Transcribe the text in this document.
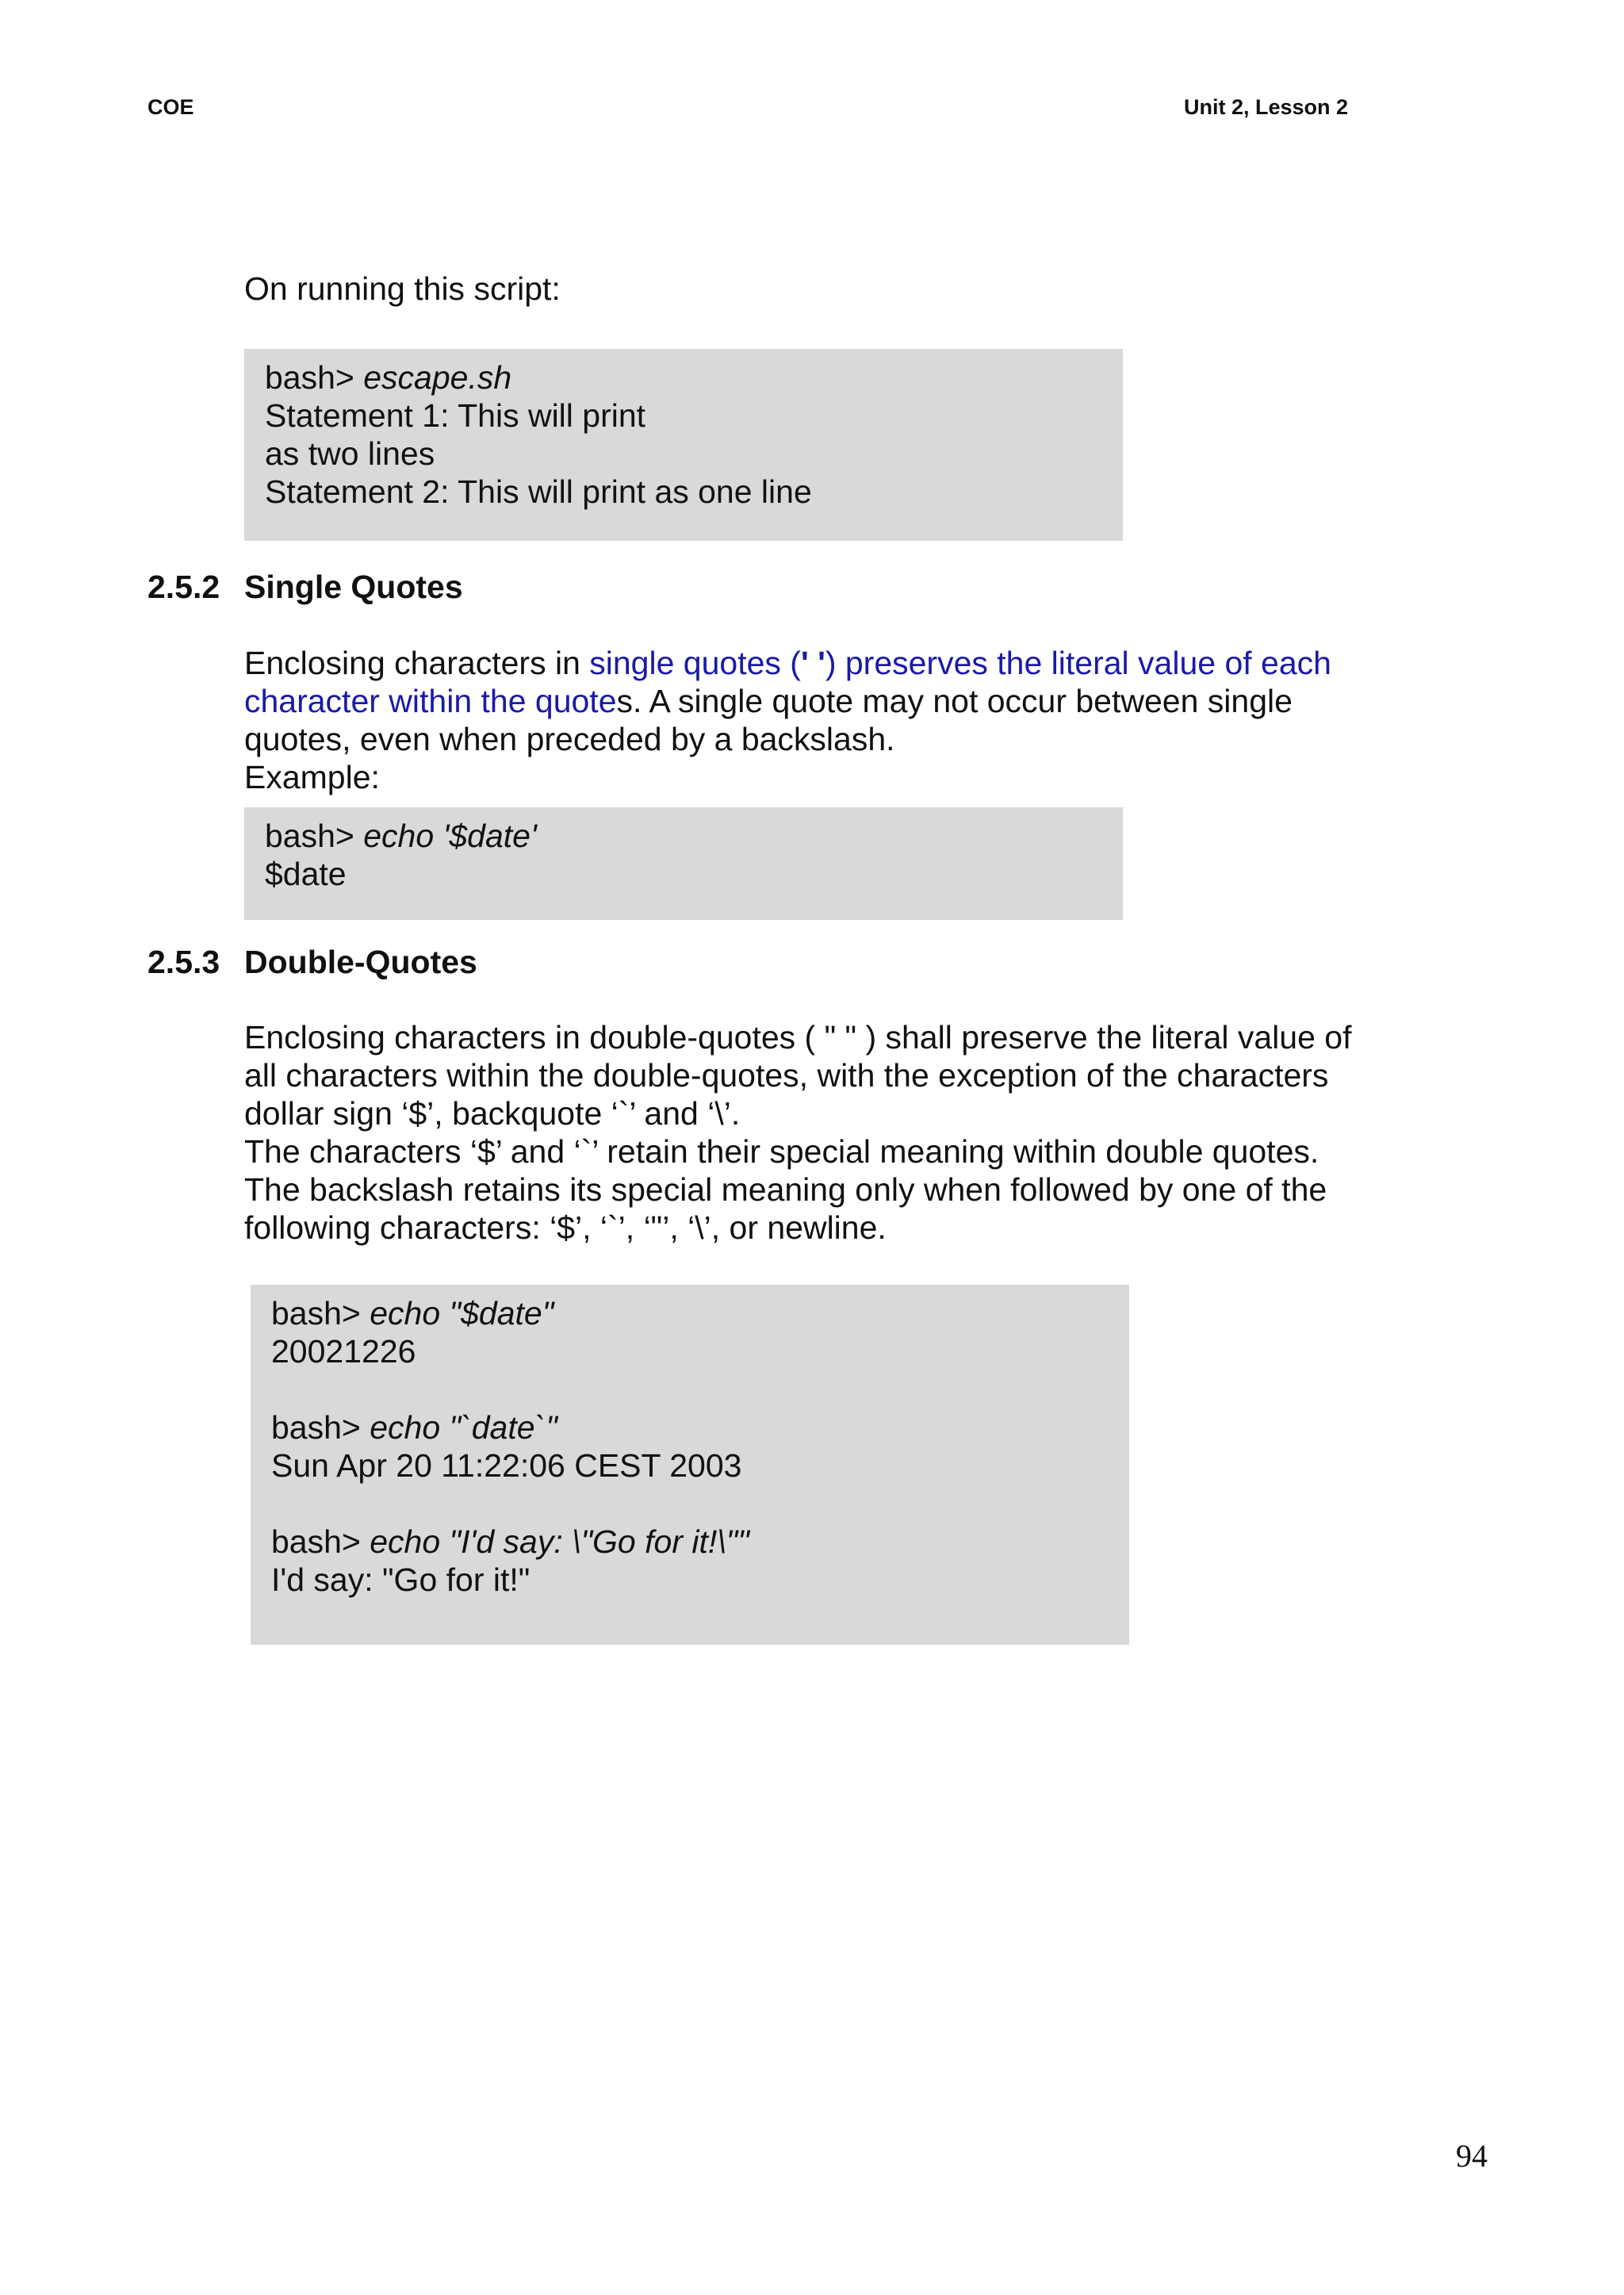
COE	Unit 2, Lesson 2
On running this script:
bash> escape.sh
Statement 1: This will print
as two lines
Statement 2: This will print as one line
2.5.2 Single Quotes

Enclosing characters in single quotes (' ') preserves the literal value of each character within the quotes. A single quote may not occur between single quotes, even when preceded by a backslash.

Example:

bash> echo '$date'
$date
2.5.3 Double-Quotes

Enclosing characters in double-quotes ( " " ) shall preserve the literal value of all characters within the double-quotes, with the exception of the characters dollar sign ‘$’, backquote ‘`’ and ‘\’.

The characters ‘$’ and ‘`’ retain their special meaning within double quotes.

The backslash retains its special meaning only when followed by one of the following characters: ‘$’, ‘`’, ‘"’, ‘\’, or newline.

bash> echo "$date"
20021226

bash> echo "`date`"
Sun Apr 20 11:22:06 CEST 2003

bash> echo "I'd say: \"Go for it!\""
I'd say: "Go for it!"
94
